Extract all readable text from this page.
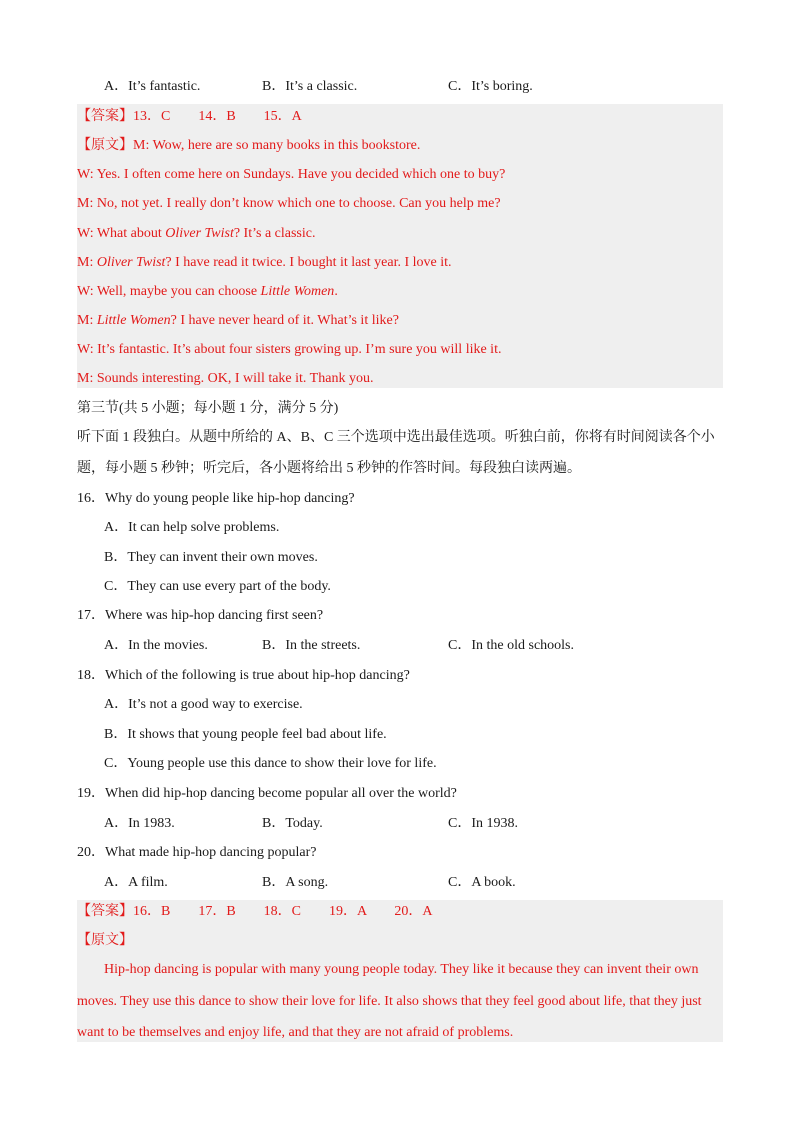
A．It’s fantastic.	B．It’s a classic.	C．It’s boring.
【答案】13．C　　14．B　　15．A
【原文】M: Wow, here are so many books in this bookstore.
W: Yes. I often come here on Sundays. Have you decided which one to buy?
M: No, not yet. I really don’t know which one to choose. Can you help me?
W: What about Oliver Twist? It’s a classic.
M: Oliver Twist? I have read it twice. I bought it last year. I love it.
W: Well, maybe you can choose Little Women.
M: Little Women? I have never heard of it. What’s it like?
W: It’s fantastic. It’s about four sisters growing up. I’m sure you will like it.
M: Sounds interesting. OK, I will take it. Thank you.
第三节(共 5 小题；每小题 1 分，满分 5 分)
听下面 1 段独白。从题中所给的 A、B、C 三个选项中选出最佳选项。听独白前，你将有时间阅读各个小
题，每小题 5 秒钟；听完后，各小题将给出 5 秒钟的作答时间。每段独白读两遍。
16．Why do young people like hip-hop dancing?
A．It can help solve problems.
B．They can invent their own moves.
C．They can use every part of the body.
17．Where was hip-hop dancing first seen?
A．In the movies.	B．In the streets.	C．In the old schools.
18．Which of the following is true about hip-hop dancing?
A．It’s not a good way to exercise.
B．It shows that young people feel bad about life.
C．Young people use this dance to show their love for life.
19．When did hip-hop dancing become popular all over the world?
A．In 1983.	B．Today.	C．In 1938.
20．What made hip-hop dancing popular?
A．A film.	B．A song.	C．A book.
【答案】16．B　　17．B　　18．C　　19．A　　20．A
【原文】
Hip-hop dancing is popular with many young people today. They like it because they can invent their own
moves. They use this dance to show their love for life. It also shows that they feel good about life, that they just
want to be themselves and enjoy life, and that they are not afraid of problems.
